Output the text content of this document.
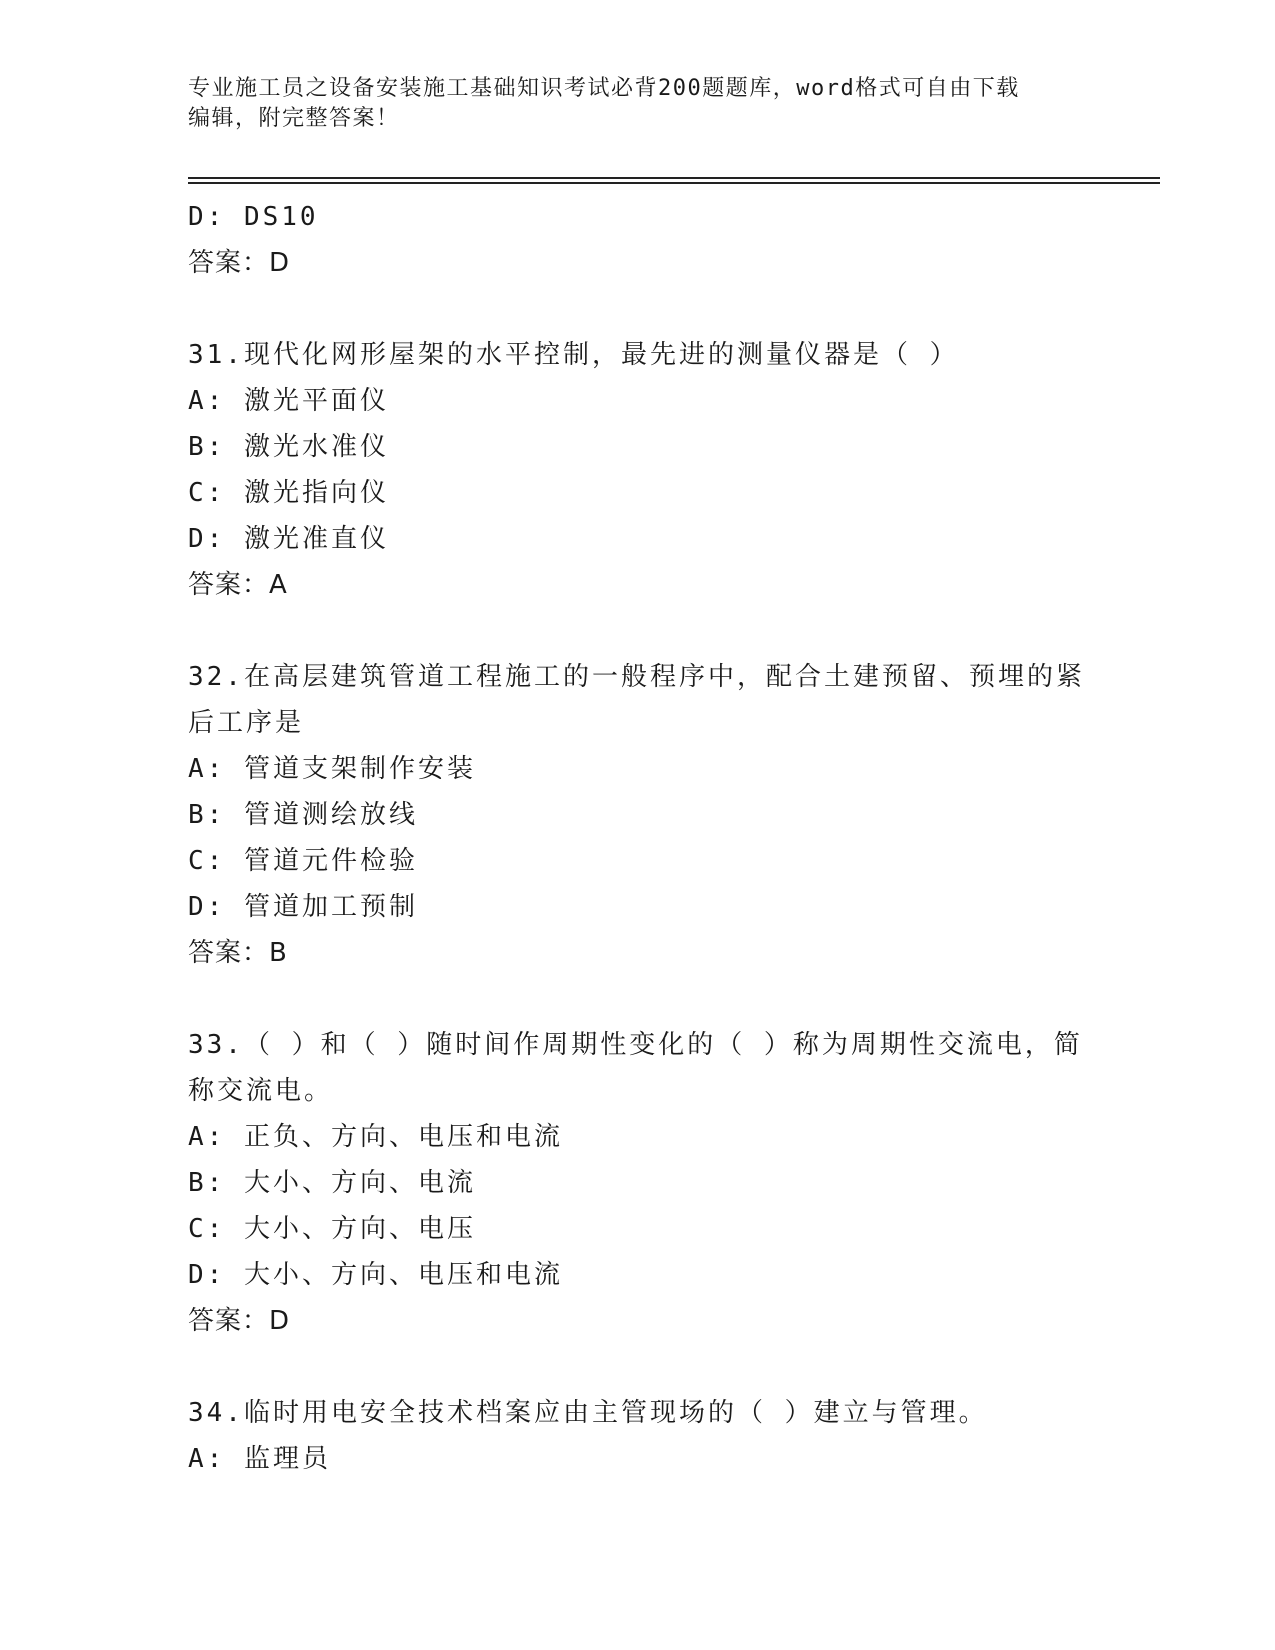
专业施工员之设备安装施工基础知识考试必背200题题库，word格式可自由下载
编辑，附完整答案！
D: DS10
答案：D
31.现代化网形屋架的水平控制，最先进的测量仪器是（ ）
A: 激光平面仪
B: 激光水准仪
C: 激光指向仪
D: 激光准直仪
答案：A
32.在高层建筑管道工程施工的一般程序中，配合土建预留、预埋的紧
后工序是
A: 管道支架制作安装
B: 管道测绘放线
C: 管道元件检验
D: 管道加工预制
答案：B
33.（ ）和（ ）随时间作周期性变化的（ ）称为周期性交流电，简
称交流电。
A: 正负、方向、电压和电流
B: 大小、方向、电流
C: 大小、方向、电压
D: 大小、方向、电压和电流
答案：D
34.临时用电安全技术档案应由主管现场的（ ）建立与管理。
A: 监理员
